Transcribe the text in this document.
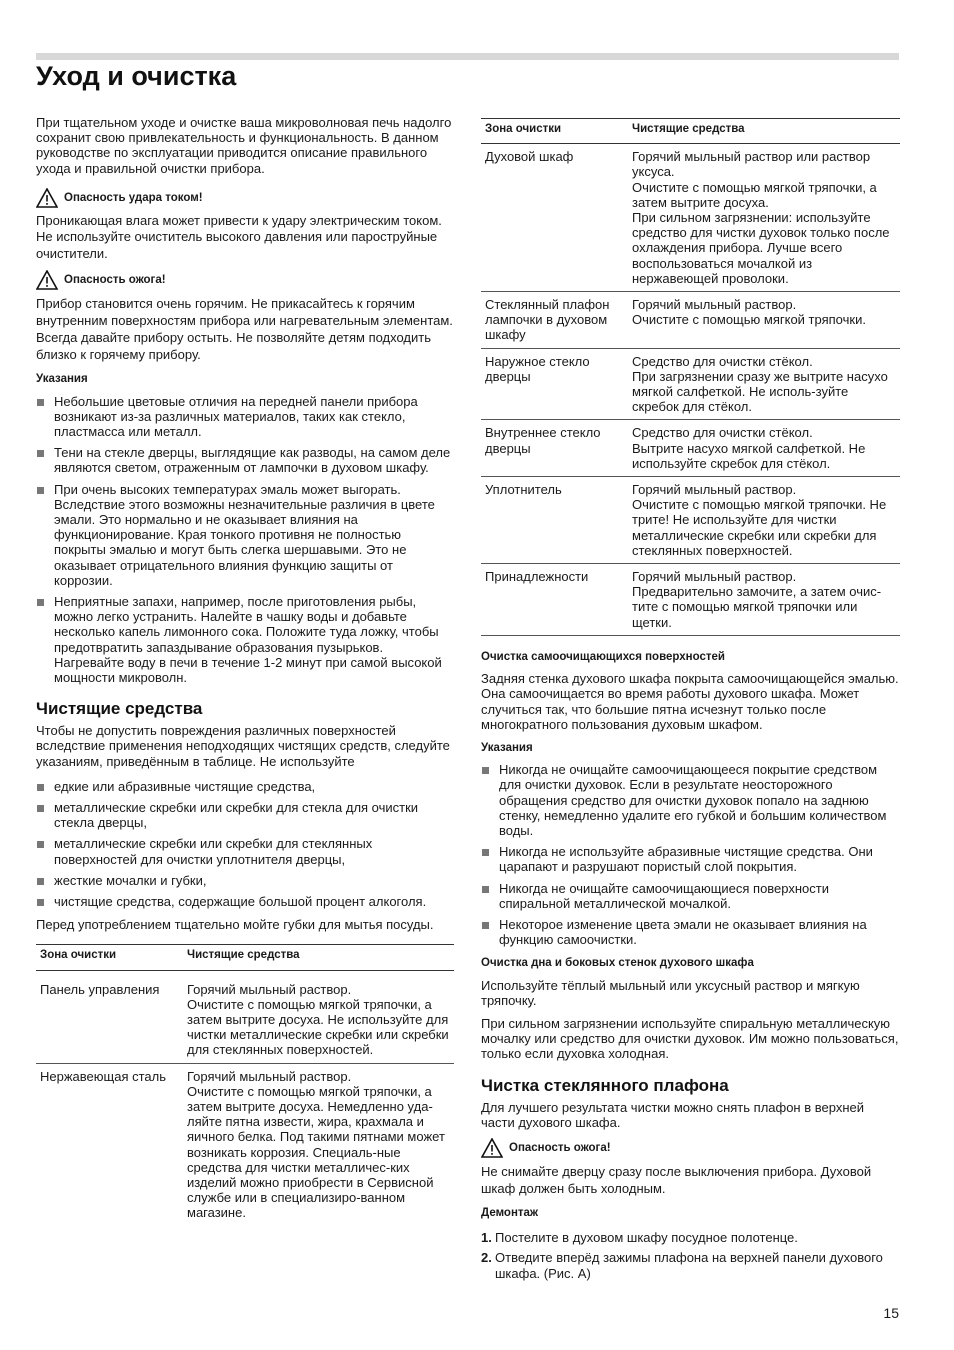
Уход и очистка

При тщательном уходе и очистке ваша микроволновая печь надолго сохранит свою привлекательность и функциональность. В данном руководстве по эксплуатации приводится описание правильного ухода и правильной очистки прибора.

Опасность удара током!

Проникающая влага может привести к удару электрическим током. Не используйте очиститель высокого давления или пароструйные очистители.

Опасность ожога!

Прибор становится очень горячим. Не прикасайтесь к горячим внутренним поверхностям прибора или нагревательным элементам. Всегда давайте прибору остыть. Не позволяйте детям подходить близко к горячему прибору.

Указания

Небольшие цветовые отличия на передней панели прибора возникают из-за различных материалов, таких как стекло, пластмасса или металл.
Тени на стекле дверцы, выглядящие как разводы, на самом деле являются светом, отраженным от лампочки в духовом шкафу.
При очень высоких температурах эмаль может выгорать. Вследствие этого возможны незначительные различия в цвете эмали. Это нормально и не оказывает влияния на функционирование. Края тонкого противня не полностью покрыты эмалью и могут быть слегка шершавыми. Это не оказывает отрицательного влияния функцию защиты от коррозии.
Неприятные запахи, например, после приготовления рыбы, можно легко устранить. Налейте в чашку воды и добавьте несколько капель лимонного сока. Положите туда ложку, чтобы предотвратить запаздывание образования пузырьков. Нагревайте воду в печи в течение 1-2 минут при самой высокой мощности микроволн.
Чистящие средства

Чтобы не допустить повреждения различных поверхностей вследствие применения неподходящих чистящих средств, следуйте указаниям, приведённым в таблице. Не используйте

едкие или абразивные чистящие средства,
металлические скребки или скребки для стекла для очистки стекла дверцы,
металлические скребки или скребки для стеклянных поверхностей для очистки уплотнителя дверцы,
жесткие мочалки и губки,
чистящие средства, содержащие большой процент алкоголя.

Перед употреблением тщательно мойте губки для мытья посуды.

Зона очистки	Чистящие средства
Панель управления	Горячий мыльный раствор.
Очистите с помощью мягкой тряпочки, а затем вытрите досуха. Не используйте для чистки металлические скребки или скребки для стеклянных поверхностей.
Нержавеющая сталь	Горячий мыльный раствор.
Очистите с помощью мягкой тряпочки, а затем вытрите досуха. Немедленно уда-ляйте пятна извести, жира, крахмала и яичного белка. Под такими пятнами может возникать коррозия. Специаль-ные средства для чистки металличес-ких изделий можно приобрести в Сервисной службе или в специализиро-ванном магазине.
Зона очистки	Чистящие средства
Духовой шкаф	Горячий мыльный раствор или раствор уксуса.
Очистите с помощью мягкой тряпочки, а затем вытрите досуха.
При сильном загрязнении: используйте средство для чистки духовок только после охлаждения прибора. Лучше всего воспользоваться мочалкой из нержавеющей проволоки.
Стеклянный плафон лампочки в духовом шкафу	Горячий мыльный раствор.
Очистите с помощью мягкой тряпочки.
Наружное стекло дверцы	Средство для очистки стёкол.
При загрязнении сразу же вытрите насухо мягкой салфеткой. Не исполь-зуйте скребок для стёкол.
Внутреннее стекло дверцы	Средство для очистки стёкол.
Вытрите насухо мягкой салфеткой. Не используйте скребок для стёкол.
Уплотнитель	Горячий мыльный раствор.
Очистите с помощью мягкой тряпочки. Не трите! Не используйте для чистки металлические скребки или скребки для стеклянных поверхностей.
Принадлежности	Горячий мыльный раствор.
Предварительно замочите, а затем очис-тите с помощью мягкой тряпочки или щетки.

Очистка самоочищающихся поверхностей

Задняя стенка духового шкафа покрыта самоочищающейся эмалью. Она самоочищается во время работы духового шкафа. Может случиться так, что большие пятна исчезнут только после многократного пользования духовым шкафом.

Указания

Никогда не очищайте самоочищающееся покрытие средством для очистки духовок. Если в результате неосторожного обращения средство для очистки духовок попало на заднюю стенку, немедленно удалите его губкой и большим количеством воды.
Никогда не используйте абразивные чистящие средства. Они царапают и разрушают пористый слой покрытия.
Никогда не очищайте самоочищающиеся поверхности спиральной металлической мочалкой.
Некоторое изменение цвета эмали не оказывает влияния на функцию самоочистки.

Очистка дна и боковых стенок духового шкафа

Используйте тёплый мыльный или уксусный раствор и мягкую тряпочку.

При сильном загрязнении используйте спиральную металлическую мочалку или средство для очистки духовок. Им можно пользоваться, только если духовка холодная.

Чистка стеклянного плафона

Для лучшего результата чистки можно снять плафон в верхней части духового шкафа.

Опасность ожога!

Не снимайте дверцу сразу после выключения прибора. Духовой шкаф должен быть холодным.

Демонтаж

1. Постелите в духовом шкафу посудное полотенце.
2. Отведите вперёд зажимы плафона на верхней панели духового шкафа. (Рис. A)
15
